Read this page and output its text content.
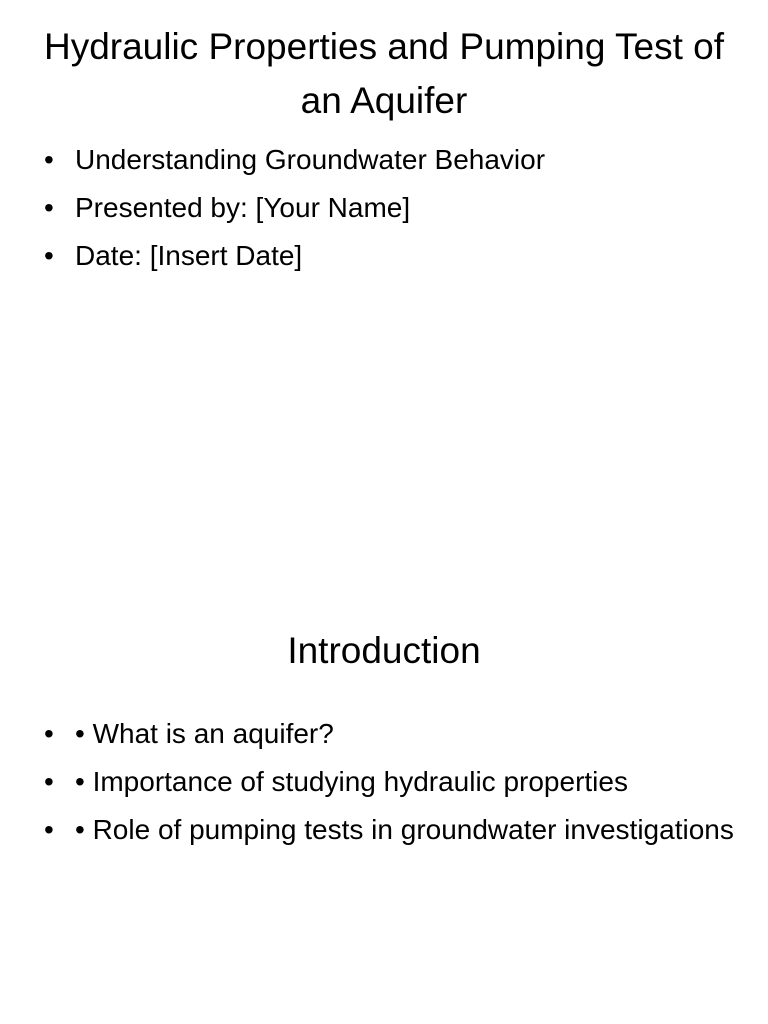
Hydraulic Properties and Pumping Test of an Aquifer
• Understanding Groundwater Behavior
• Presented by: [Your Name]
• Date: [Insert Date]
Introduction
• • What is an aquifer?
• • Importance of studying hydraulic properties
• • Role of pumping tests in groundwater investigations
